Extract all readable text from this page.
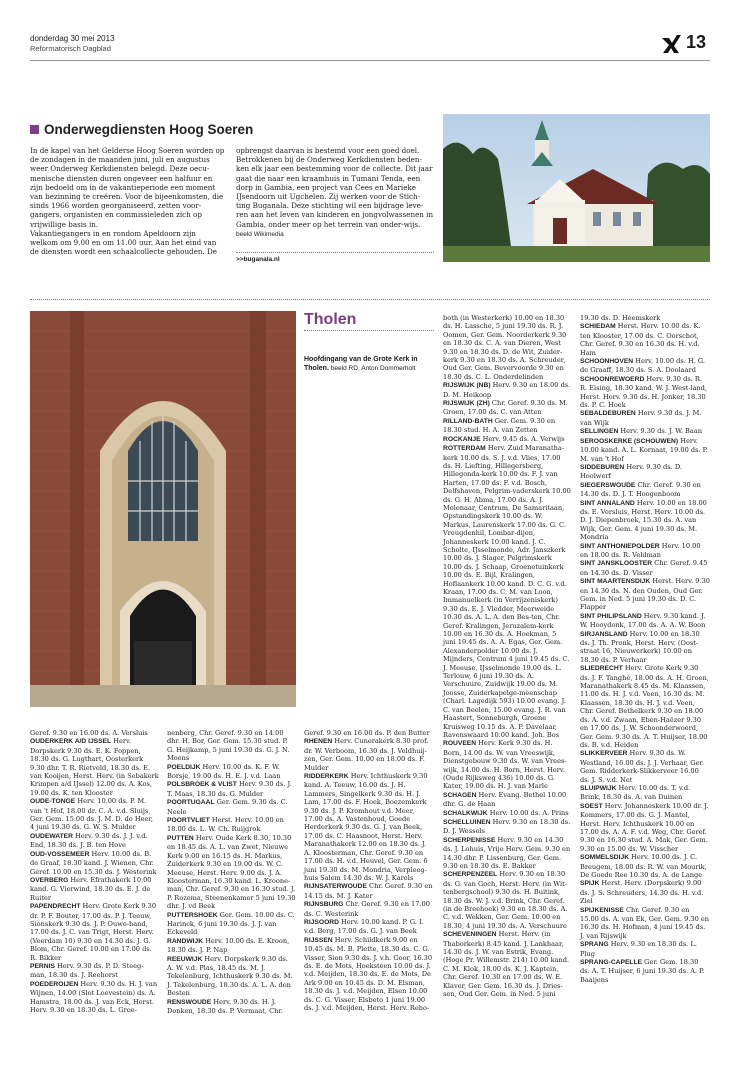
donderdag 30 mei 2013
Reformatorisch Dagblad	13
Onderwegdiensten Hoog Soeren

In de kapel van het Gelderse Hoog Soeren worden op de zondagen in de maanden juni, juli en augustus weer Onderweg Kerkdiensten belegd. Deze oecu-menische diensten duren ongeveer een halfuur en zijn bedoeld om in de vakantieperiode een moment van bezinning te creëren. Voor de bijeenkomsten, die sinds 1966 worden georganiseerd, zetten voor-gangers, organisten en commissieleden zich op vrijwillige basis in.
Vakantiegangers in en rondom Apeldoorn zijn welkom om 9.00 en om 11.00 uur. Aan het eind van de diensten wordt een schaalcollecte gehouden. De

opbrengst daarvan is bestemd voor een goed doel. Betrokkenen bij de Onderweg Kerkdiensten beden-ken elk jaar een bestemming voor de collecte. Dit jaar gaat die naar een kraamhuis in Tumani Tenda, een dorp in Gambia, een project van Cees en Marieke IJsendoorn uit Ugchelen. Zij werken voor de Stich-ting Buganala. Deze stichting wil een bijdrage leve-ren aan het leven van kinderen en jongvolwassenen in Gambia, onder meer op het terrein van onder-wijs. beeld Wikimedia

>>buganala.nl
Tholen
Hoofdingang van de Grote Kerk in Tholen. beeld RD, Anton Dommerholt
both (in Westerkerk) 10.00 en 18.30 ds. H. Lassche, 5 juni 19.30 ds. R. J. Oomen, Ger. Gem. Noorderkerk 9.30 en 18.30 ds. C. A. van Dieren, West 9.30 en 18.30 ds. D. de Wit, Zuider-kerk 9.30 en 18.30 ds. A. Schreuder, Oud Ger. Gem. Bevervoorde 9.30 en 18.30 ds. C. L. Onderdelinden
RIJSWIJK (NB) Herv. 9.30 en 18.00 ds. D. M. Heikoop
RIJSWIJK (ZH) Chr. Geref. 9.30 ds. M. Groen, 17.00 ds. C. van Atten
RILLAND-BATH Ger. Gem. 9.30 en 18.30 stud. H. A. van Zetten
ROCKANJE Herv. 9.45 ds. A. Verwijs
ROTTERDAM Herv. Zuid Maranatha-kerk 10.00 ds. S. J. v.d. Vlies, 17.00 ds. H. Liefting, Hillegersberg, Hillegonda-kerk 10.00 ds. F. J. van Harten, 17.00 ds. F. v.d. Bosch, Delfshaven, Pelgrim-vaderskerk 10.00 ds. G. H. Abma, 17.00 ds. A. J. Molenaar, Centrum, De Samaritaan, Opstandingskerk 10.00 ds. W. Markus, Laurenskerk 17.00 ds. G. C. Vreugdenhil, Lombar-dijen, Johanneskerk 10.00 kand. J. C. Scholte, IJsselmonde, Adr. Janszkerk 10.00 ds. J. Slager, Pelgrimskerk 10.00 ds. J. Schaap, Groenetuinkerk 10.00 ds. E. Bijl, Kralingen, Hoflaankerk 10.00 kand. D. C. G. v.d. Kraan, 17.00 ds. C. M. van Loon, Immanuelkerk (in Verrijzeniskerk) 9.30 ds. E. J. Vledder, Meerweide 10.30 ds. A. L. A. den Bes-ten, Chr. Geref. Kralingen, Jeruzalem-kerk 10.00 en 16.30 ds. A. Hoekman, 5 juni 19.45 ds. A. A. Egas, Ger. Gem. Alexanderpolder 10.00 ds. J. Mijnders, Centrum 4 juni 19.45 ds. C. J. Meeuse, IJsselmonde 19.00 ds. L. Terlouw, 6 juni 19.30 ds. A. Verschuure, Zuidwijk 19.00 ds. M. Joosse, Zuiderkapelge-meenschap (Charl. Lagedijk 593) 10.00 evang. J. C. van Beelen, 15.00 evang. J. R. van Haastert, Sonneburgh, Groene Kruisweg 10.15 ds. A. P. Davelaar, Ravenswaard 10.00 kand. Joh. Bos
ROUVEEN Herv. Kerk 9.30 ds. H. Born, 14.00 ds. W. van Vreeswijk, Dienstgebouw 9.30 ds. W. van Vrees-wijk, 14.00 ds. H. Born, Herst. Herv. (Oude Rijksweg 436) 10.00 ds. G. Kater, 19.00 ds. H. J. van Marle
SCHAGEN Herv. Evang. Bethel 10.00 dhr. G. de Haan
SCHALKWIJK Herv. 10.00 ds. A. Prins
SCHELLUINEN Herv. 9.30 en 18.30 ds. D. J. Wessels
SCHERPENISSE Herv. 9.30 en 14.30 ds. J. Lohuis, Vrije Herv. Gem. 9.30 en 14.30 dhr. P. Lissenburg, Ger. Gem. 9.30 en 18.30 ds. E. Bakker
SCHERPENZEEL Herv. 9.30 en 18.30 ds. G. van Goch, Herst. Herv. (in Wit-tenbergschool) 9.30 ds. H. Buitink, 18.30 ds. W. J. v.d. Brink, Chr. Geref. (in de Breehoek) 9.30 en 18.30 ds. A. C. v.d. Wekken, Ger. Gem. 10.00 en 18.30, 4 juni 19.30 ds. A. Verschuure
SCHEVENINGEN Herst. Herv. (in Thaborkerk) 8.45 kand. J. Lankhaar, 14.30 ds. J. W. van Estrik, Evang. (Hoge Pr. Willemstr. 214) 10.00 kand. C. M. Klok, 18.00 ds. K. J. Kaptein, Chr. Geref. 10.30 en 17.00 ds. W. E. Klaver, Ger. Gem. 16.30 ds. J. Dries-sen, Oud Ger. Gem. in Ned. 5 juni
19.30 ds. D. Heemskerk
SCHIEDAM Herst. Herv. 10.00 ds. K. ten Klooster, 17.00 ds. C. Oorschot, Chr. Geref. 9.30 en 16.30 ds. H. v.d. Ham
SCHOONHOVEN Herv. 10.00 ds. H. G. de Graaff, 18.30 ds. S. A. Doolaard
SCHOONREWOERD Herv. 9.30 ds. R. R. Eising, 18.30 kand. W. J. West-land, Herst. Herv. 9.30 ds. H. Jonker, 18.30 ds. P. C. Hoek
SEBALDEBUREN Herv. 9.30 ds. J. M. van Wijk
SELLINGEN Herv. 9.30 ds. J. W. Baan
SEROOSKERKE (SCHOUWEN) Herv. 10.00 kand. A. L. Kornaat, 19.00 ds. P. M. van 't Hof
SIDDEBUREN Herv. 9.30 ds. D. Hoolwerf
SIEGERSWOUDE Chr. Geref. 9.30 en 14.30 ds. D. J. T. Hoogenboom
SINT ANNALAND Herv. 10.00 en 18.00 ds. E. Versluis, Herst. Herv. 10.00 ds. D. J. Diepenbroek, 15.30 ds. A. van Wijk, Ger. Gem. 4 juni 19.30 ds. M. Mondria
SINT ANTHONIEPOLDER Herv. 10.00 en 18.00 ds. R. Veldman
SINT JANSKLOOSTER Chr. Geref. 9.45 en 14.30 ds. D. Visser
SINT MAARTENSDIJK Herst. Herv. 9.30 en 14.30 ds. N. den Ouden, Oud Ger. Gem. in Ned. 5 juni 19.30 ds. D. C. Flapper
SINT PHILIPSLAND Herv. 9.30 kand. J. W. Hooydonk, 17.00 ds. A. A. W. Boon
SIRJANSLAND Herv. 10.00 en 18.30 ds. J. Th. Pronk, Herst. Herv. (Oost-straat 16, Nieuwerkerk) 10.00 en 18.30 ds. P. Verhaar
SLIEDRECHT Herv. Grote Kerk 9.30 ds. J. F. Tanghé, 18.00 ds. A. H. Groen, Maranathakerk 8.45 ds. M. Klaassen, 11.00 ds. H. J. v.d. Veen, 16.30 ds. M. Klaassen, 18.30 ds. H. J. v.d. Veen, Chr. Geref. Bethelkerk 9.30 en 18.00 ds. A. v.d. Zwaan, Eben-Haëzer 9.30 en 17.00 ds. J. W. Schoonderwoerd, Ger. Gem. 9.30 ds. A. T. Huijser, 18.00 ds. B. v.d. Heiden
SLIKKERVEER Herv. 9.30 ds. W. Westland, 16.00 ds. J. J. Verhaar, Ger. Gem. Ridderkerk-Slikkerveer 16.00 ds. J. S. v.d. Net
SLUIPWIJK Herv. 10.00 ds. T. v.d. Brink, 18.30 ds. A. van Duinen
SOEST Herv. Johanneskerk 10.00 dr. J. Kommers, 17.00 ds. G. J. Mantel, Herst. Herv. Ichthuskerk 10.00 en 17.00 ds. A. A. F. v.d. Weg, Chr. Geref. 9.30 en 16.30 stud. A. Mak, Ger. Gem. 9.30 en 15.00 ds. W. Visscher
SOMMELSDIJK Herv. 10.00 ds. J. C. Breugem, 18.00 ds. R. W. van Mourik, De Goede Ree 10.30 ds. A. de Lange
SPIJK Herst. Herv. (Dorpskerk) 9.00 ds. J. S. Schreuders, 14.30 ds. H. v.d. Ziel
SPIJKENISSE Chr. Geref. 9.30 en 15.00 ds. A. van Ek, Ger. Gem. 9.30 en 16.30 ds. H. Hofman, 4 juni 19.45 ds. J. van Rijswijk
SPRANG Herv. 9.30 en 18.30 ds. L. Plug
SPRANG-CAPELLE Ger. Gem. 18.30 ds. A. T. Huijser, 6 juni 19.30 ds. A. P. Baaijens
Geref. 9.30 en 16.00 ds. A. Versluis
OUDERKERK A/D IJSSEL Herv. Dorpskerk 9.30 ds. E. K. Foppen, 18.30 ds. G. Lugthart, Oosterkerk 9.30 dhr. T. R. Rietveld, 18.30 ds. E. van Kooijen, Herst. Herv. (in Sebakerk Krimpen a/d IJssel) 12.00 ds. A. Kos, 19.00 ds. K. ten Klooster
OUDE-TONGE Herv. 10.00 ds. P. M. van 't Hof, 18.00 dr. C. A. v.d. Sluijs, Ger. Gem. 15.00 ds. J. M. D. de Heer, 4 juni 19.30 ds. G. W. S. Mulder
OUDEWATER Herv. 9.30 ds. J. J. v.d. End, 18.30 ds. J. B. ten Hove
OUD-VOSSEMEER Herv. 10.00 ds. B. de Graaf, 18.30 kand. J. Wienen, Chr. Geref. 10.00 en 15.30 ds. J. Westerink
OVERBERG Herv. Efrathakerk 10.00 kand. G. Vierwind, 18.30 ds. E. J. de Ruiter
PAPENDRECHT Herv. Grote Kerk 9.30 dr. P. F. Bouter, 17.00 ds. P. J. Teeuw, Sionskerk 9.30 ds. J. P. Ouwe-hand, 17.00 ds. J. C. van Trigt, Herst. Herv. (Veerdam 10) 9.30 en 14.30 ds. J. G. Blom, Chr. Geref. 10.00 en 17.00 ds. R. Bikker
PERNIS Herv. 9.30 ds. P. D. Steeg-man, 18.30 ds. J. Reehorst
POEDEROIJEN Herv. 9.30 ds. H. J. van Wijnen, 14.00 (Slot Loevestein) ds. A. Hamstra, 18.00 ds. J. van Eck, Herst. Herv. 9.30 en 18.30 ds. L. Groe-
nenberg, Chr. Geref. 9.30 en 14.00 dhr. H. Bor, Ger. Gem. 15.30 stud. P. G. Heijkamp, 5 juni 19.30 ds. G. J. N. Moens
POELDIJK Herv. 10.00 ds. K. F. W. Borsje, 19.00 ds. H. E. J. v.d. Laan
POLSBROEK & VLIST Herv. 9.30 ds. J. T. Maas, 18.30 ds. G. Mulder
POORTUGAAL Ger. Gem. 9.30 ds. C. Neele
POORTVLIET Herst. Herv. 10.00 en 18.00 ds. L. W. Ch. Ruijgrok
PUTTEN Herv. Oude Kerk 8.30, 10.30 en 18.45 ds. A. L. van Zwet, Nieuwe Kerk 9.00 en 16.15 ds. H. Markus, Zuiderkerk 9.30 en 19.00 ds. W. C. Meeuse, Herst. Herv. 9.00 ds. J. A. Kloosterman, 16.30 kand. L. Kroone-man, Chr. Geref. 9.30 en 16.30 stud. J. P. Rozema, Steenenkamer 5 juni 19.30 dhr. J. vd Beek
PUTTERSHOEK Ger. Gem. 10.00 ds. C. Harinck, 6 juni 19.30 ds. J. J. van Eckeveld
RANDWIJK Herv. 10.00 ds. E. Kroon, 18.30 ds. J. P. Nap
REEUWIJK Herv. Dorpskerk 9.30 ds. A. W. v.d. Plas, 18.45 ds. M. J. Tekelenburg, Ichthuskerk 9.30 ds. M. J. Tekelenburg, 18.30 ds. A. L. A. den Besten
RENSWOUDE Herv. 9.30 ds. H. J. Donken, 18.30 ds. P. Vermaat, Chr.
Geref. 9.30 en 16.00 ds. P. den Butter
RHENEN Herv. Cunerakerk 8.30 prof. dr. W. Verboom, 16.30 ds. J. Veldhuij-zen, Ger. Gem. 10.00 en 18.00 ds. F. Mulder
RIDDERKERK Herv. Ichthuskerk 9.30 kand. A. Teeuw, 16.00 ds. J. H. Lammers, Singelkerk 9.30 ds. H. J. Lam, 17.00 ds. F. Hoek, Boezemkerk 9.30 ds. J. P. Kromhout v.d. Meer, 17.00 ds. A. Vastenhoud, Goede Herderkerk 9.30 ds. G. J. van Beek, 17.00 ds. C. Haasnoot, Herst. Herv. Maranathakerk 12.00 en 18.30 ds. J. A. Kloosterman, Chr. Geref. 9.30 en 17.00 ds. H. v.d. Heuvel, Ger. Gem. 6 juni 19.30 ds. M. Mondria, Verpleeg-huis Salem 14.30 ds. W. J. Karels
RIJNSATERWOUDE Chr. Geref. 9.30 en 14.15 ds. M. J. Kater
RIJNSBURG Chr. Geref. 9.30 en 17.00 ds. C. Westerink
RIJSOORD Herv. 10.00 kand. P. G. I. v.d. Berg, 17.00 ds. G. J. van Beek
RIJSSEN Herv. Schildkerk 9.00 en 10.45 ds. M. B. Plette, 18.30 ds. C. G. Visser, Sion 9.30 ds. J. v.h. Goor, 16.30 ds. E. de Mots, Hoeksteen 10.00 ds. J. v.d. Meijden, 18.30 ds. E. de Mots, De Ark 9.00 en 10.45 ds. D. M. Elsman, 18.30 ds. J. v.d. Meijden, Elsen 10.00 ds. C. G. Visser, Elsbeto 1 juni 19.00 ds. J. v.d. Meijden, Herst. Herv. Reho-
